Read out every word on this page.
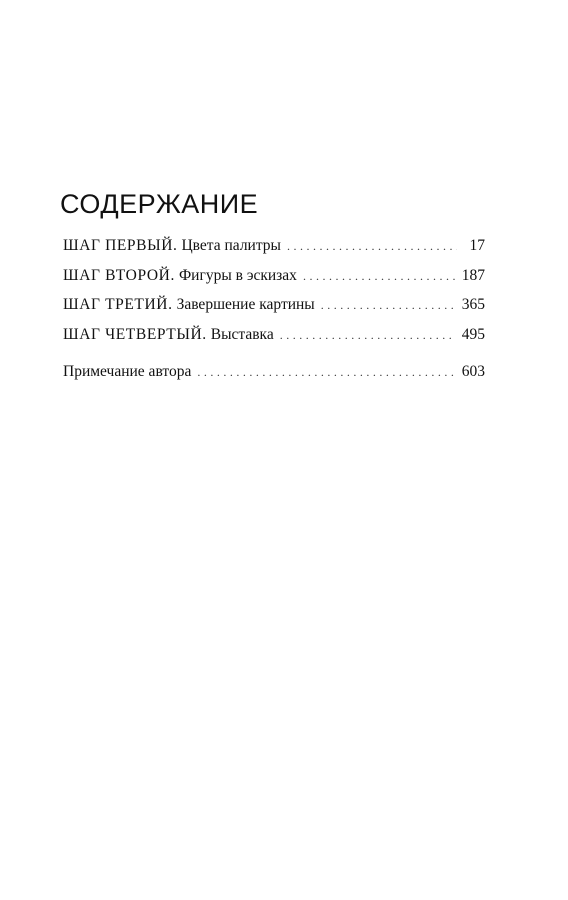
СОДЕРЖАНИЕ
ШАГ ПЕРВЫЙ. Цвета палитры . . .	17
ШАГ ВТОРОЙ. Фигуры в эскизах . . .	187
ШАГ ТРЕТИЙ. Завершение картины . . .	365
ШАГ ЧЕТВЕРТЫЙ. Выставка . . .	495
Примечание автора . . .	603
